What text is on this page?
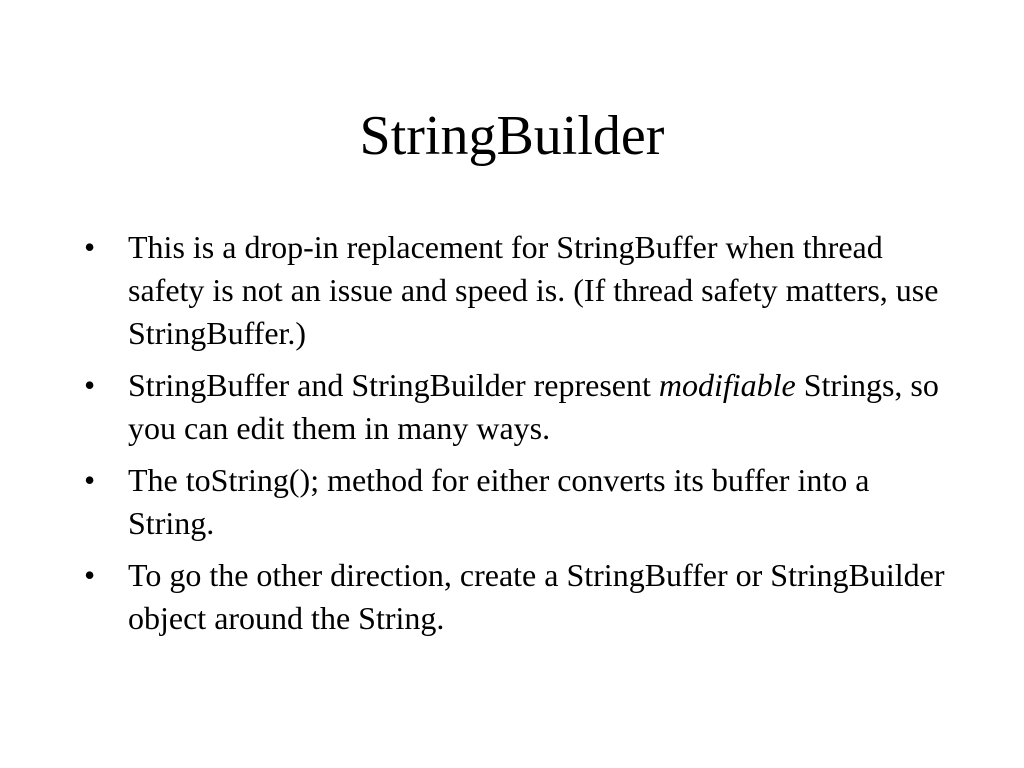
StringBuilder
• This is a drop-in replacement for StringBuffer when thread safety is not an issue and speed is. (If thread safety matters, use StringBuffer.)
• StringBuffer and StringBuilder represent modifiable Strings, so you can edit them in many ways.
• The toString(); method for either converts its buffer into a String.
• To go the other direction, create a StringBuffer or StringBuilder object around the String.
